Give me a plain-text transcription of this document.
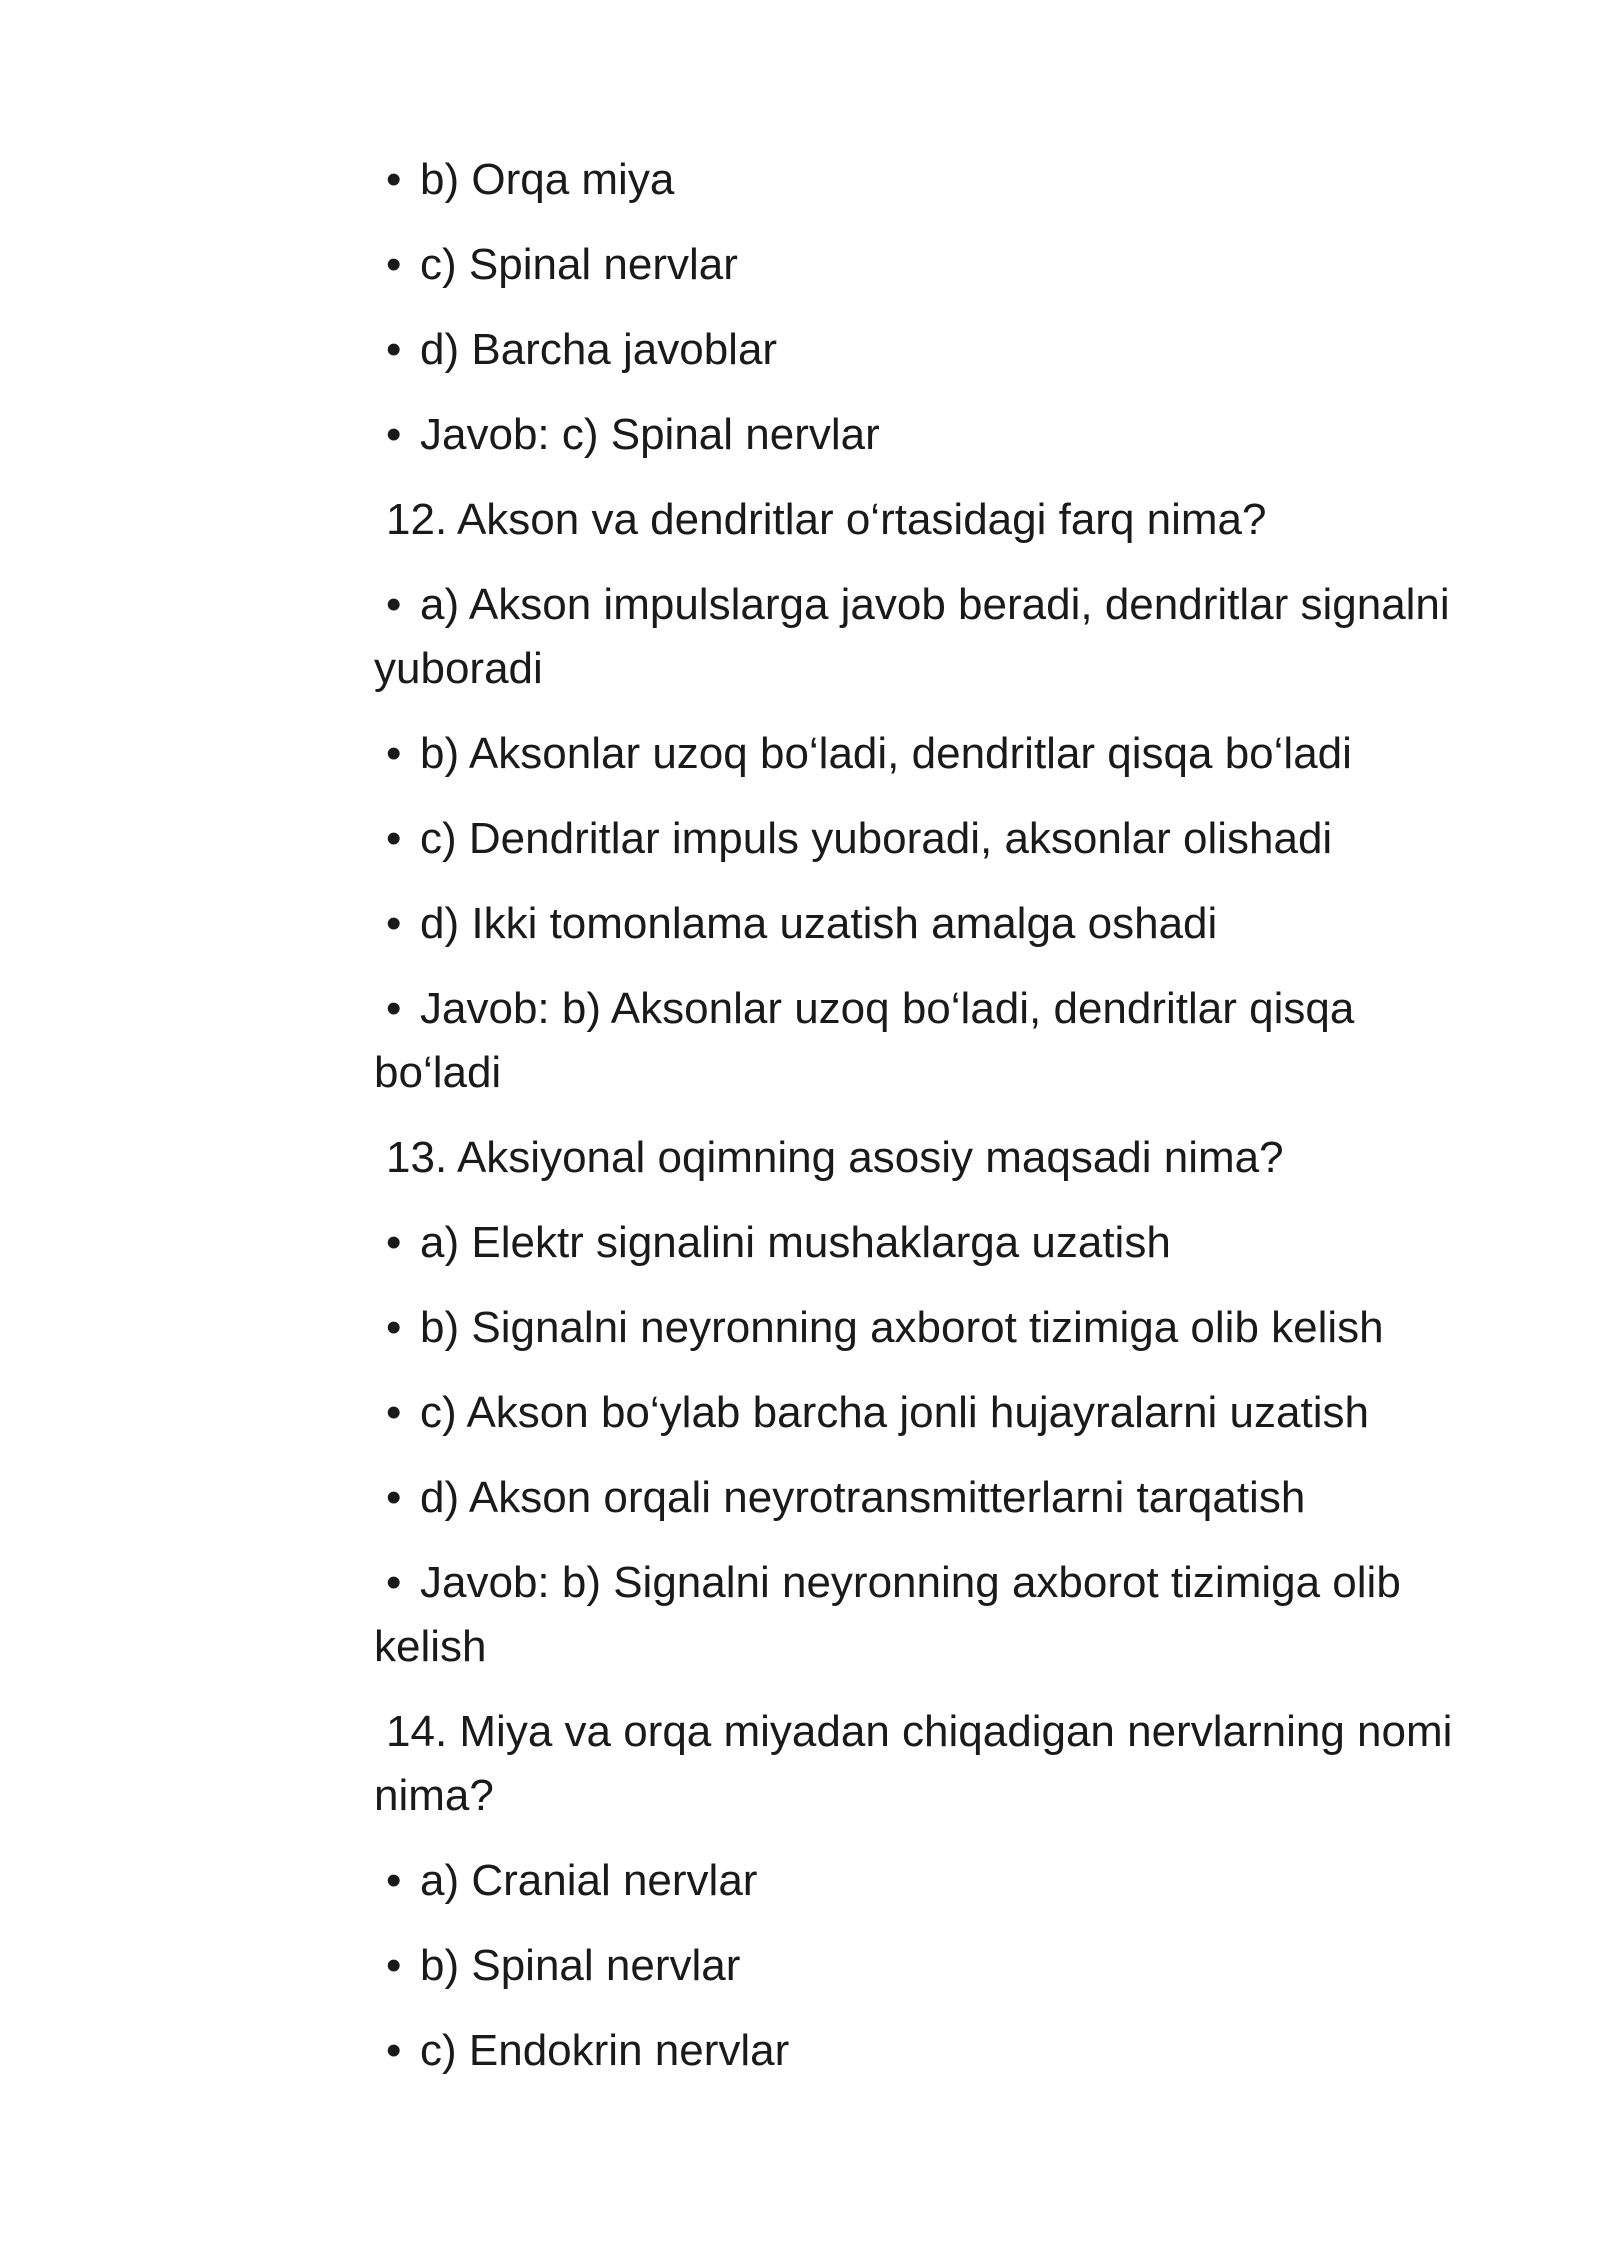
• b) Orqa miya

• c) Spinal nervlar

• d) Barcha javoblar

• Javob: c) Spinal nervlar

12. Akson va dendritlar o‘rtasidagi farq nima?

• a) Akson impulslarga javob beradi, dendritlar signalni yuboradi

• b) Aksonlar uzoq bo‘ladi, dendritlar qisqa bo‘ladi

• c) Dendritlar impuls yuboradi, aksonlar olishadi

• d) Ikki tomonlama uzatish amalga oshadi

• Javob: b) Aksonlar uzoq bo‘ladi, dendritlar qisqa bo‘ladi

13. Aksiyonal oqimning asosiy maqsadi nima?

• a) Elektr signalini mushaklarga uzatish

• b) Signalni neyronning axborot tizimiga olib kelish

• c) Akson bo‘ylab barcha jonli hujayralarni uzatish

• d) Akson orqali neyrotransmitterlarni tarqatish

• Javob: b) Signalni neyronning axborot tizimiga olib kelish

14. Miya va orqa miyadan chiqadigan nervlarning nomi nima?

• a) Cranial nervlar

• b) Spinal nervlar

• c) Endokrin nervlar
